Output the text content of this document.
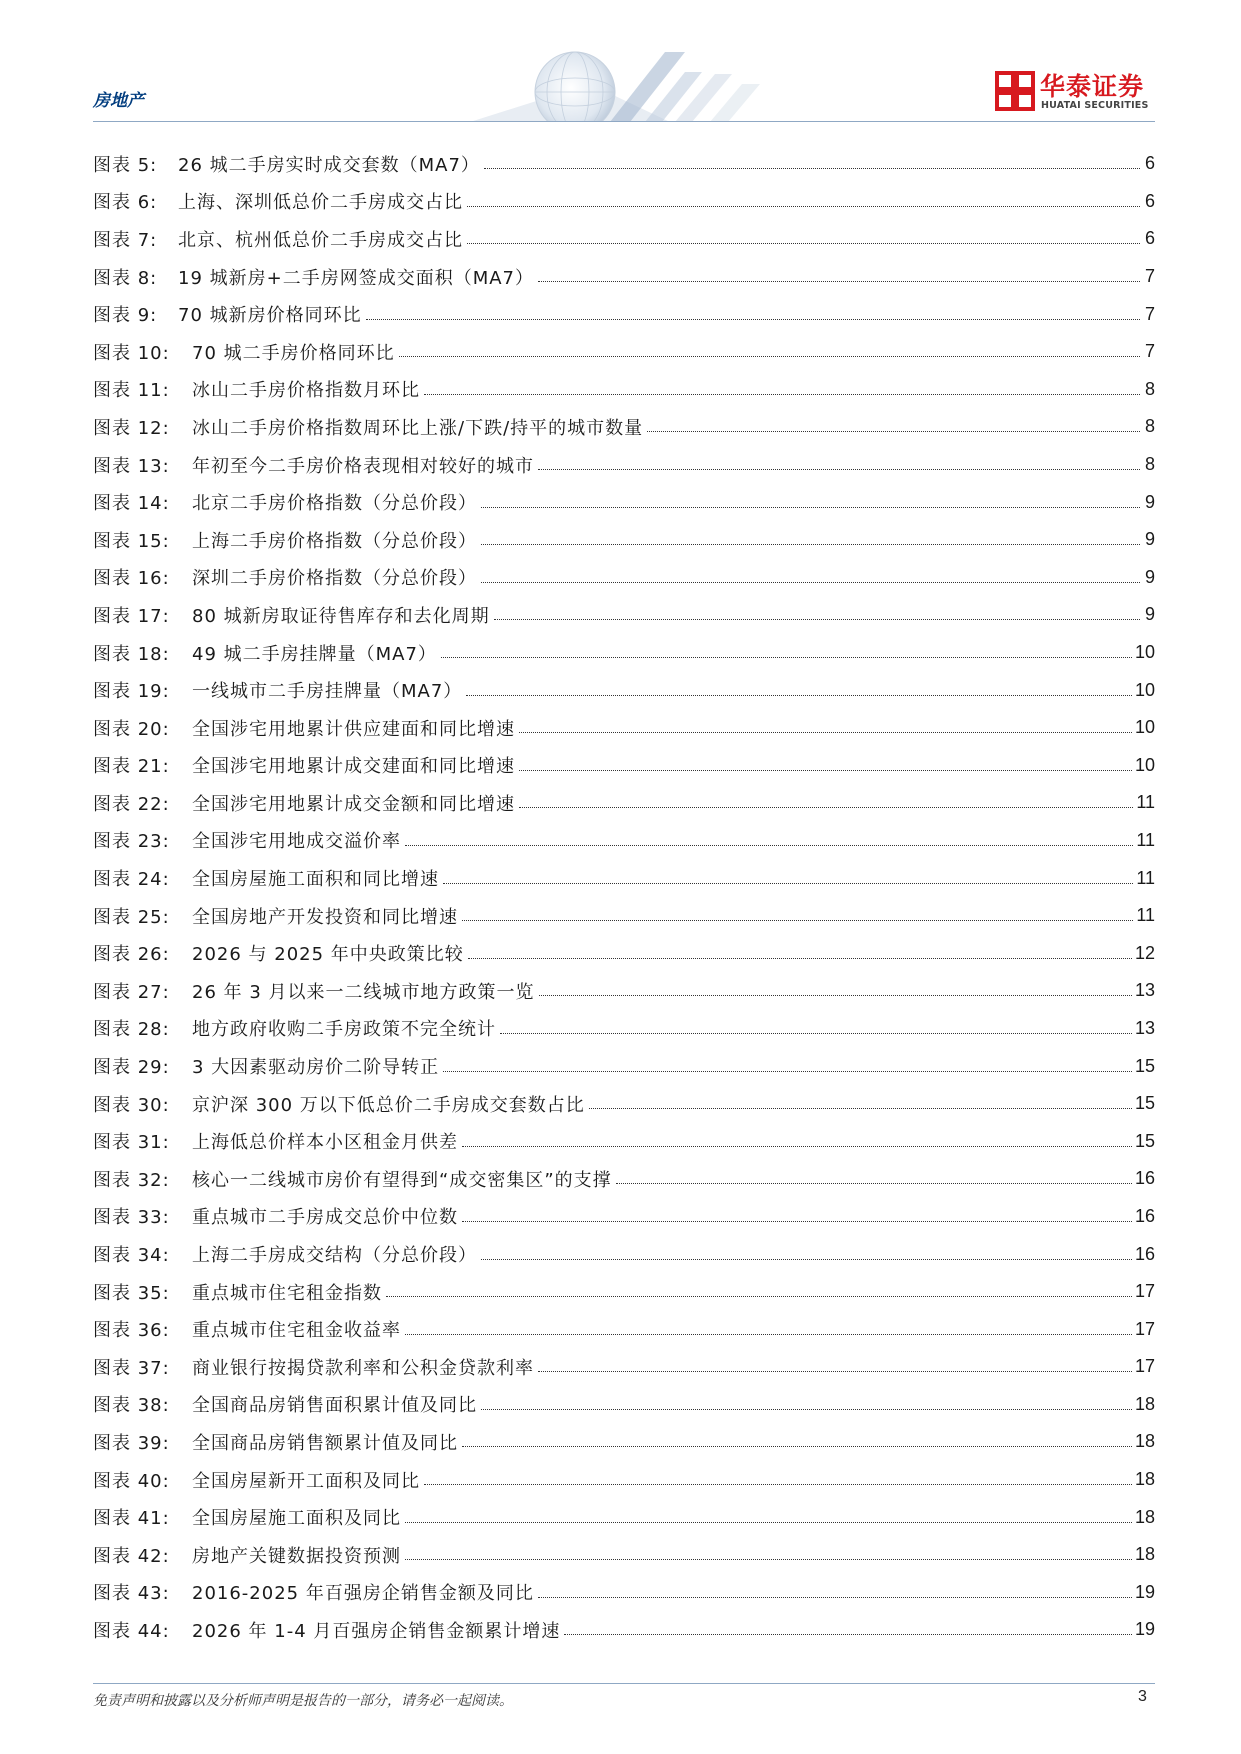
房地产	华泰证券
HUATAI SECURITIES
图表 5:	26 城二手房实时成交套数（MA7）	6
图表 6:	上海、深圳低总价二手房成交占比	6
图表 7:	北京、杭州低总价二手房成交占比	6
图表 8:	19 城新房+二手房网签成交面积（MA7）	7
图表 9:	70 城新房价格同环比	7
图表 10:	70 城二手房价格同环比	7
图表 11:	冰山二手房价格指数月环比	8
图表 12:	冰山二手房价格指数周环比上涨/下跌/持平的城市数量	8
图表 13:	年初至今二手房价格表现相对较好的城市	8
图表 14:	北京二手房价格指数（分总价段）	9
图表 15:	上海二手房价格指数（分总价段）	9
图表 16:	深圳二手房价格指数（分总价段）	9
图表 17:	80 城新房取证待售库存和去化周期	9
图表 18:	49 城二手房挂牌量（MA7）	10
图表 19:	一线城市二手房挂牌量（MA7）	10
图表 20:	全国涉宅用地累计供应建面和同比增速	10
图表 21:	全国涉宅用地累计成交建面和同比增速	10
图表 22:	全国涉宅用地累计成交金额和同比增速	11
图表 23:	全国涉宅用地成交溢价率	11
图表 24:	全国房屋施工面积和同比增速	11
图表 25:	全国房地产开发投资和同比增速	11
图表 26:	2026 与 2025 年中央政策比较	12
图表 27:	26 年 3 月以来一二线城市地方政策一览	13
图表 28:	地方政府收购二手房政策不完全统计	13
图表 29:	3 大因素驱动房价二阶导转正	15
图表 30:	京沪深 300 万以下低总价二手房成交套数占比	15
图表 31:	上海低总价样本小区租金月供差	15
图表 32:	核心一二线城市房价有望得到“成交密集区”的支撑	16
图表 33:	重点城市二手房成交总价中位数	16
图表 34:	上海二手房成交结构（分总价段）	16
图表 35:	重点城市住宅租金指数	17
图表 36:	重点城市住宅租金收益率	17
图表 37:	商业银行按揭贷款利率和公积金贷款利率	17
图表 38:	全国商品房销售面积累计值及同比	18
图表 39:	全国商品房销售额累计值及同比	18
图表 40:	全国房屋新开工面积及同比	18
图表 41:	全国房屋施工面积及同比	18
图表 42:	房地产关键数据投资预测	18
图表 43:	2016-2025 年百强房企销售金额及同比	19
图表 44:	2026 年 1-4 月百强房企销售金额累计增速	19
免责声明和披露以及分析师声明是报告的一部分，请务必一起阅读。	3
